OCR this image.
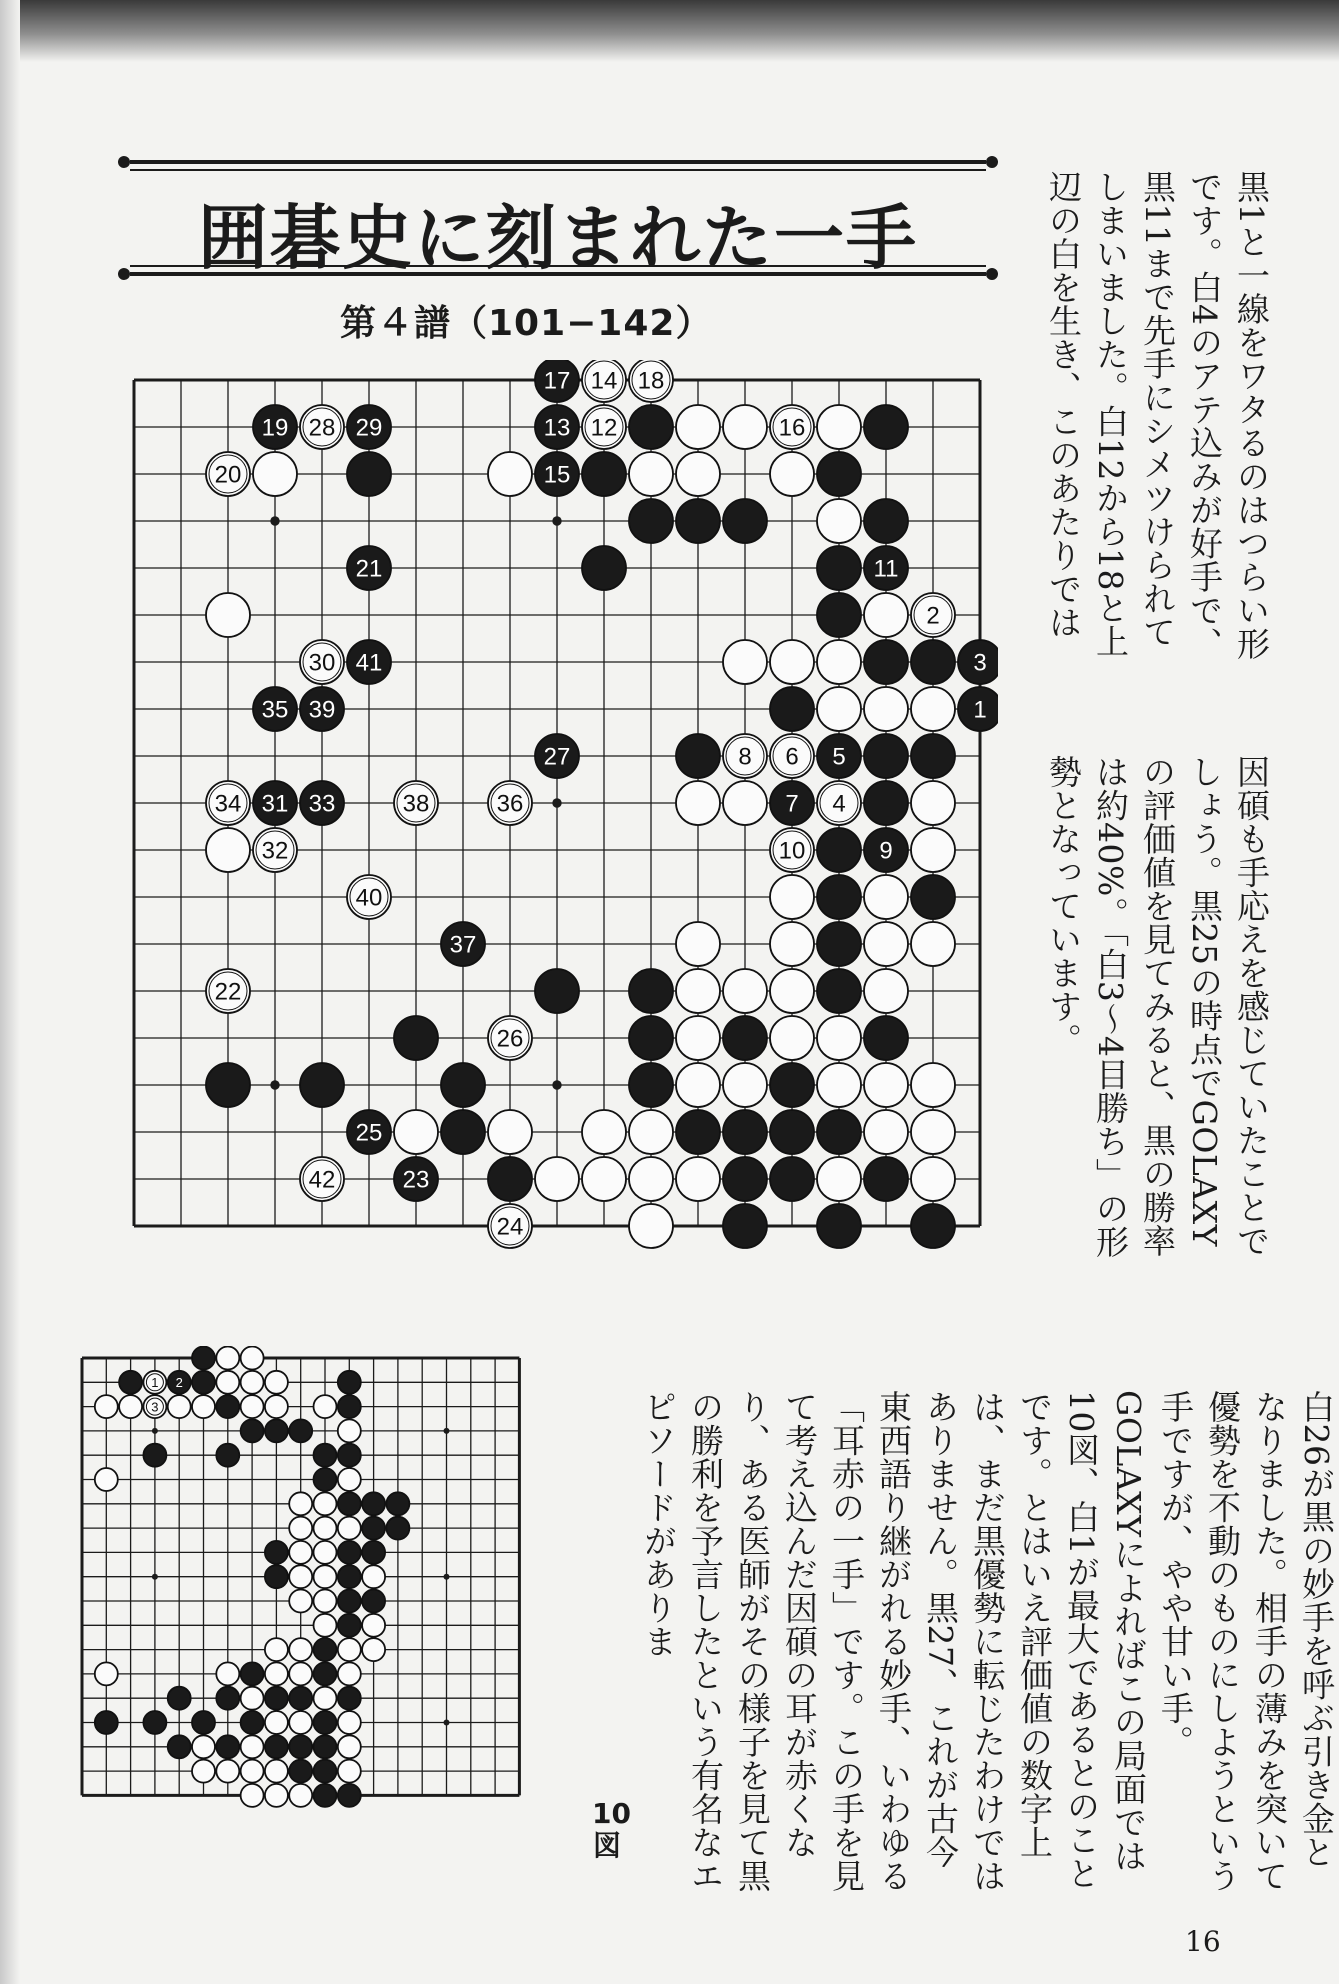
囲碁史に刻まれた一手
第４譜（101−142）
17 14 18
19 28 29	13 12	16
20	15
21	11
2
30 41	3
35 39	1
27	8 6 5
34 31 33	38	36	7 4
32	10	9
40
37
22
26
25
42	23
24
1 2
3
10図
黒1と一線をワタるのはつらい形です。白4のアテ込みが好手で、黒11まで先手にシメツけられてしまいました。白12から18と上辺の白を生き、このあたりでは
因碩も手応えを感じていたことでしょう。黒25の時点でGOLAXYの評価値を見てみると、黒の勝率は約40%。「白3〜4目勝ち」の形勢となっています。
白26が黒の妙手を呼ぶ引き金となりました。相手の薄みを突いて優勢を不動のものにしようという手ですが、やや甘い手。GOLAXYによればこの局面では10図、白1が最大であるとのことです。とはいえ評価値の数字上は、まだ黒優勢に転じたわけではありません。黒27、これが古今東西語り継がれる妙手、いわゆる「耳赤の一手」です。この手を見て考え込んだ因碩の耳が赤くなり、ある医師がその様子を見て黒の勝利を予言したという有名なエピソードがありま
16
